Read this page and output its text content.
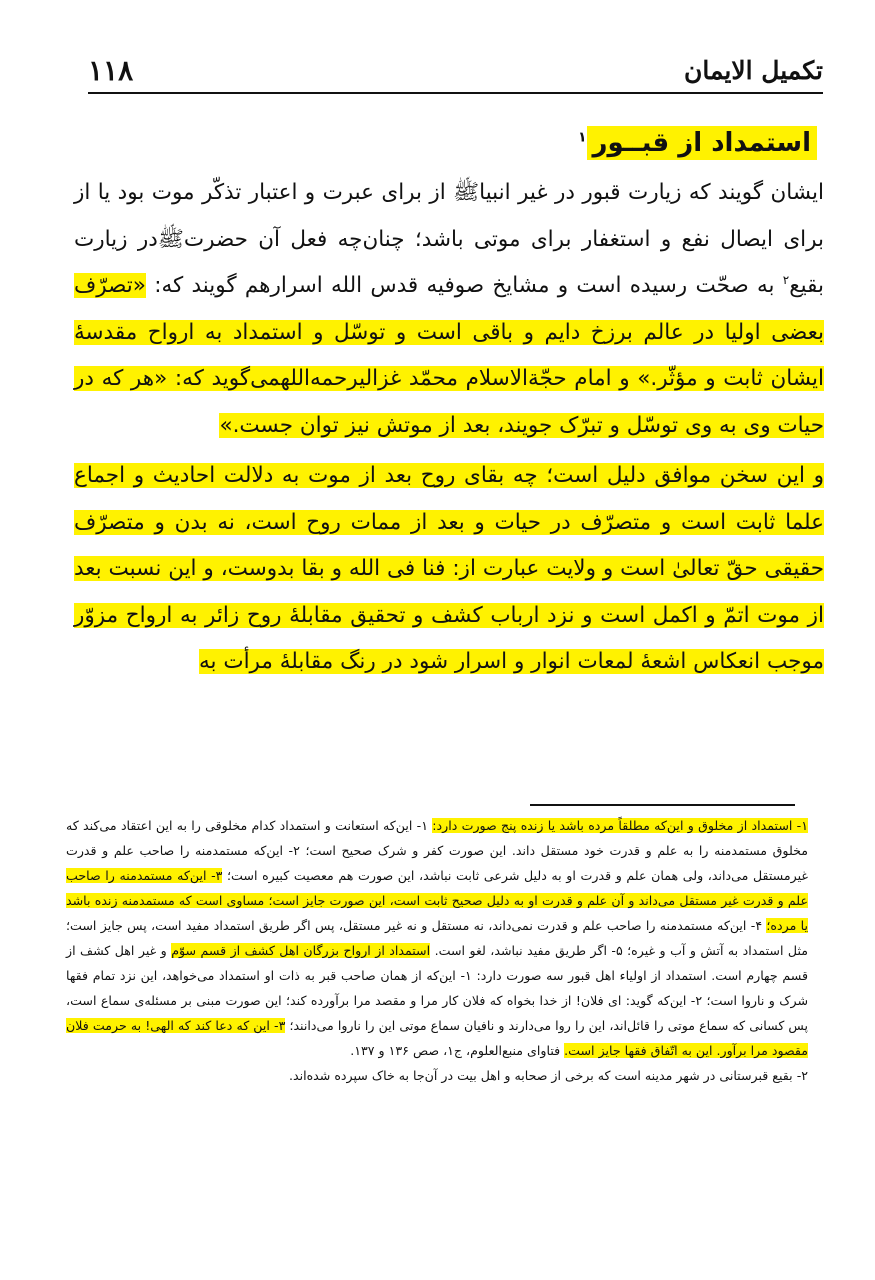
۱۱۸	تکمیل الایمان
استمداد از قبــور$^۱$

ایشان گویند که زیارت قبور در غیر انبیاﷺ از برای عبرت و اعتبار تذکّر موت بود یا از برای ایصال نفع و استغفار برای موتی باشد؛ چنان‌چه فعل آن حضرتﷺدر زیارت بقیع$^۲$ به صحّت رسیده است و مشایخ صوفیه قدس الله اسرارهم گویند که: «تصرّف بعضی اولیا در عالم برزخ دایم و باقی است و توسّل و استمداد به ارواح مقدسهٔ ایشان ثابت و مؤثّر.» و امام حجّةالاسلام محمّد غزالیرحمه‌اللهمی‌گوید که: «هر که در حیات وی به وی توسّل و تبرّک جویند، بعد از موتش نیز توان جست.»

و این سخن موافق دلیل است؛ چه بقای روح بعد از موت به دلالت احادیث و اجماع علما ثابت است و متصرّف در حیات و بعد از ممات روح است، نه بدن و متصرّف حقیقی حقّ تعالیٰ است و ولایت عبارت از: فنا فی الله و بقا بدوست، و این نسبت بعد از موت اتمّ و اکمل است و نزد ارباب کشف و تحقیق مقابلهٔ روح زائر به ارواح مزوّر موجب انعکاس اشعهٔ لمعات انوار و اسرار شود در رنگ مقابلهٔ مرأت به

۱- استمداد از مخلوق و این‌که مطلقاً مرده باشد یا زنده پنج صورت دارد: ۱- این‌که استعانت و استمداد کدام مخلوقی را به این اعتقاد می‌کند که مخلوق مستمدمنه را به علم و قدرت خود مستقل داند. این صورت کفر و شرک صحیح است؛ ۲- این‌که مستمدمنه را صاحب علم و قدرت غیرمستقل می‌داند، ولی همان علم و قدرت او به دلیل شرعی ثابت نباشد، این صورت هم معصیت کبیره است؛ ۳- این‌که مستمدمنه را صاحب علم و قدرت غیر مستقل می‌داند و آن علم و قدرت او به دلیل صحیح ثابت است، این صورت جایز است؛ مساوی است که مستمدمنه زنده باشد یا مرده؛ ۴- این‌که مستمدمنه را صاحب علم و قدرت نمی‌داند، نه مستقل و نه غیر مستقل، پس اگر طریق استمداد مفید است، پس جایز است؛ مثل استمداد به آتش و آب و غیره؛ ۵- اگر طریق مفید نباشد، لغو است. استمداد از ارواح بزرگان اهل کشف از قسم سوّم و غیر اهل کشف از قسم چهارم است. استمداد از اولیاء اهل قبور سه صورت دارد: ۱- این‌که از همان صاحب قبر به ذات او استمداد می‌خواهد، این نزد تمام فقها شرک و ناروا است؛ ۲- این‌که گوید: ای فلان! از خدا بخواه که فلان کار مرا و مقصد مرا برآورده کند؛ این صورت مبنی بر مسئله‌ی سماع است، پس کسانی که سماع موتی را قائل‌اند، این را روا می‌دارند و نافیان سماع موتی این را ناروا می‌دانند؛ ۳- این که دعا کند که الهی! به حرمت فلان مقصود مرا برآور. این به اتّفاق فقها جایز است. فتاوای منبع‌العلوم، ج۱، صص ۱۳۶ و ۱۳۷.

۲- بقیع قبرستانی در شهر مدینه است که برخی از صحابه و اهل بیت در آن‌جا به خاک سپرده شده‌اند.
